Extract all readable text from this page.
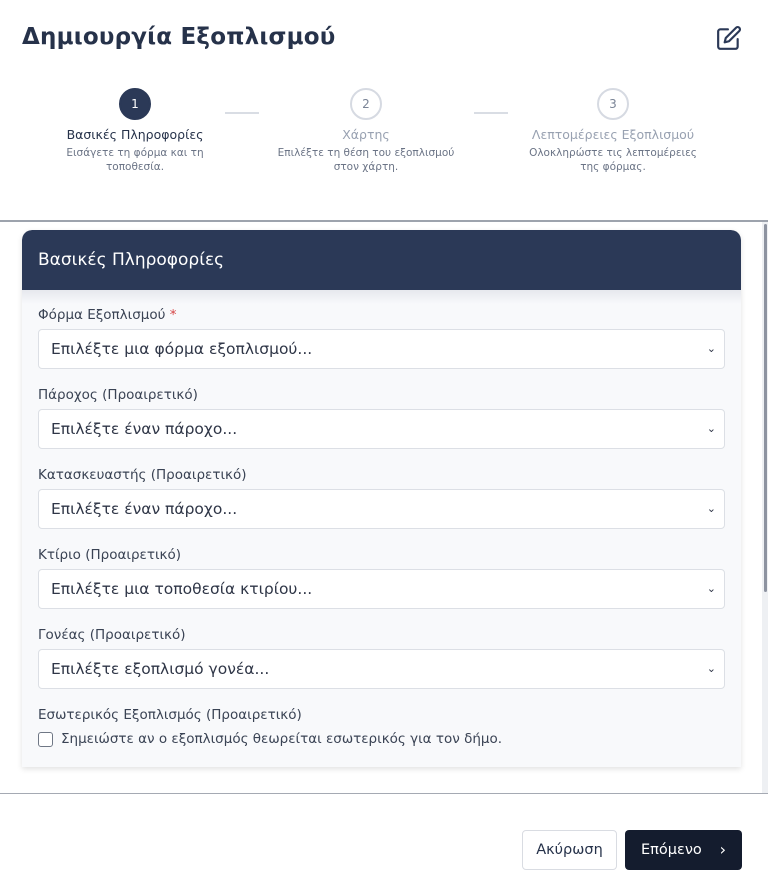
Δημιουργία Εξοπλισμού
1
Βασικές Πληροφορίες
Εισάγετε τη φόρμα και τη τοποθεσία.
2
Χάρτης
Επιλέξτε τη θέση του εξοπλισμού στον χάρτη.
3
Λεπτομέρειες Εξοπλισμού
Ολοκληρώστε τις λεπτομέρειες της φόρμας.
Βασικές Πληροφορίες
Φόρμα Εξοπλισμού *
Επιλέξτε μια φόρμα εξοπλισμού...	⌄
Πάροχος (Προαιρετικό)
Επιλέξτε έναν πάροχο...	⌄
Κατασκευαστής (Προαιρετικό)
Επιλέξτε έναν πάροχο...	⌄
Κτίριο (Προαιρετικό)
Επιλέξτε μια τοποθεσία κτιρίου...	⌄
Γονέας (Προαιρετικό)
Επιλέξτε εξοπλισμό γονέα...	⌄
Εσωτερικός Εξοπλισμός (Προαιρετικό)
Σημειώστε αν ο εξοπλισμός θεωρείται εσωτερικός για τον δήμο.
Ακύρωση	Επόμενο ›
